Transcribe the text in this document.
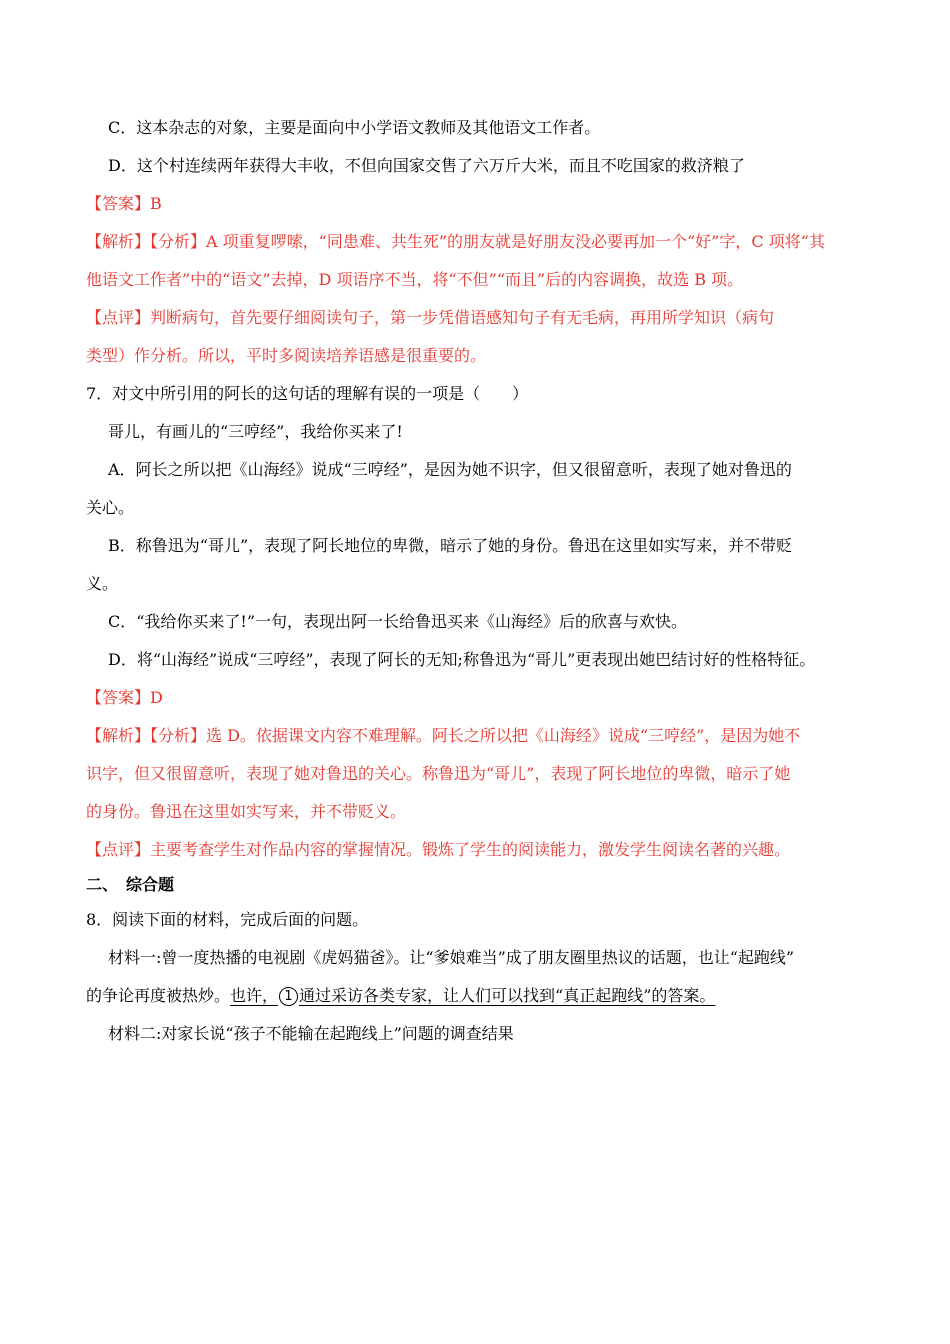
C．这本杂志的对象，主要是面向中小学语文教师及其他语文工作者。
D．这个村连续两年获得大丰收，不但向国家交售了六万斤大米，而且不吃国家的救济粮了
【答案】B
【解析】【分析】A 项重复啰嗦，“同患难、共生死”的朋友就是好朋友没必要再加一个“好”字，C 项将“其
他语文工作者”中的“语文”去掉，D 项语序不当，将“不但”“而且”后的内容调换，故选 B 项。
【点评】判断病句，首先要仔细阅读句子，第一步凭借语感知句子有无毛病，再用所学知识（病句
类型）作分析。所以，平时多阅读培养语感是很重要的。
7．对文中所引用的阿长的这句话的理解有误的一项是（　　）
哥儿，有画儿的“三哼经”，我给你买来了!
A．阿长之所以把《山海经》说成“三哼经”，是因为她不识字，但又很留意听，表现了她对鲁迅的
关心。
B．称鲁迅为“哥儿”，表现了阿长地位的卑微，暗示了她的身份。鲁迅在这里如实写来，并不带贬
义。
C．“我给你买来了!”一句，表现出阿一长给鲁迅买来《山海经》后的欣喜与欢快。
D．将“山海经”说成“三哼经”，表现了阿长的无知;称鲁迅为“哥儿”更表现出她巴结讨好的性格特征。
【答案】D
【解析】【分析】选 D。依据课文内容不难理解。阿长之所以把《山海经》说成“三哼经”，是因为她不
识字，但又很留意听，表现了她对鲁迅的关心。称鲁迅为“哥儿”，表现了阿长地位的卑微，暗示了她
的身份。鲁迅在这里如实写来，并不带贬义。
【点评】主要考查学生对作品内容的掌握情况。锻炼了学生的阅读能力，激发学生阅读名著的兴趣。
二、　综合题
8．阅读下面的材料，完成后面的问题。
材料一:曾一度热播的电视剧《虎妈猫爸》。让“爹娘难当”成了朋友圈里热议的话题，也让“起跑线”
的争论再度被热炒。也许， 1 通过采访各类专家，让人们可以找到“真正起跑线”的答案。
材料二:对家长说“孩子不能输在起跑线上”问题的调查结果
